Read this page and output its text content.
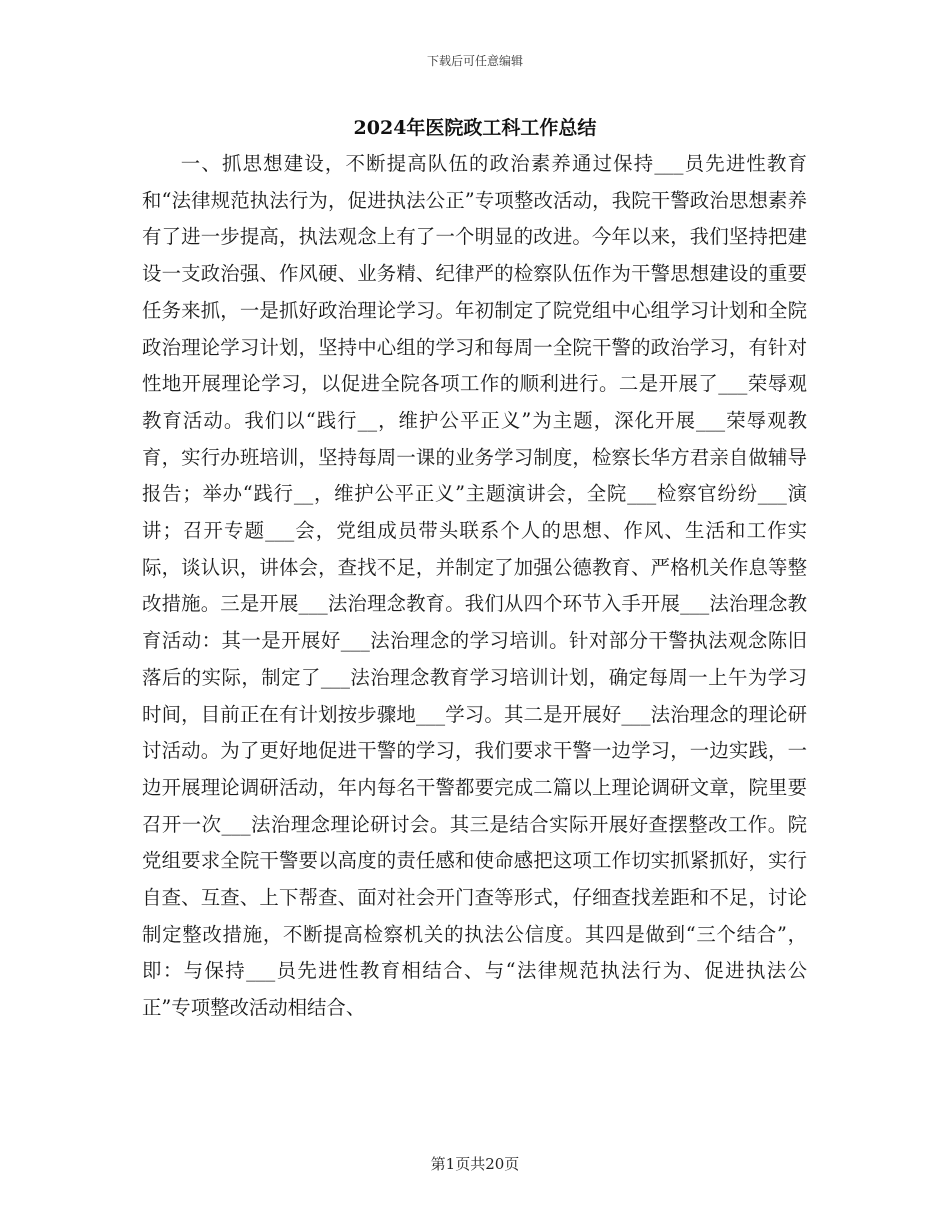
下载后可任意编辑
2024年医院政工科工作总结

一、抓思想建设，不断提高队伍的政治素养通过保持___员先进性教育和“法律规范执法行为，促进执法公正”专项整改活动，我院干警政治思想素养有了进一步提高，执法观念上有了一个明显的改进。今年以来，我们坚持把建设一支政治强、作风硬、业务精、纪律严的检察队伍作为干警思想建设的重要任务来抓，一是抓好政治理论学习。年初制定了院党组中心组学习计划和全院政治理论学习计划，坚持中心组的学习和每周一全院干警的政治学习，有针对性地开展理论学习，以促进全院各项工作的顺利进行。二是开展了___荣辱观教育活动。我们以“践行__，维护公平正义”为主题，深化开展___荣辱观教育，实行办班培训，坚持每周一课的业务学习制度，检察长华方君亲自做辅导报告；举办“践行__，维护公平正义”主题演讲会，全院___检察官纷纷___演讲；召开专题___会，党组成员带头联系个人的思想、作风、生活和工作实际，谈认识，讲体会，查找不足，并制定了加强公德教育、严格机关作息等整改措施。三是开展___法治理念教育。我们从四个环节入手开展___法治理念教育活动：其一是开展好___法治理念的学习培训。针对部分干警执法观念陈旧落后的实际，制定了___法治理念教育学习培训计划，确定每周一上午为学习时间，目前正在有计划按步骤地___学习。其二是开展好___法治理念的理论研讨活动。为了更好地促进干警的学习，我们要求干警一边学习，一边实践，一边开展理论调研活动，年内每名干警都要完成二篇以上理论调研文章，院里要召开一次___法治理念理论研讨会。其三是结合实际开展好查摆整改工作。院党组要求全院干警要以高度的责任感和使命感把这项工作切实抓紧抓好，实行自查、互查、上下帮查、面对社会开门查等形式，仔细查找差距和不足，讨论制定整改措施，不断提高检察机关的执法公信度。其四是做到“三个结合”，即：与保持___员先进性教育相结合、与“法律规范执法行为、促进执法公正”专项整改活动相结合、

第1页共20页
